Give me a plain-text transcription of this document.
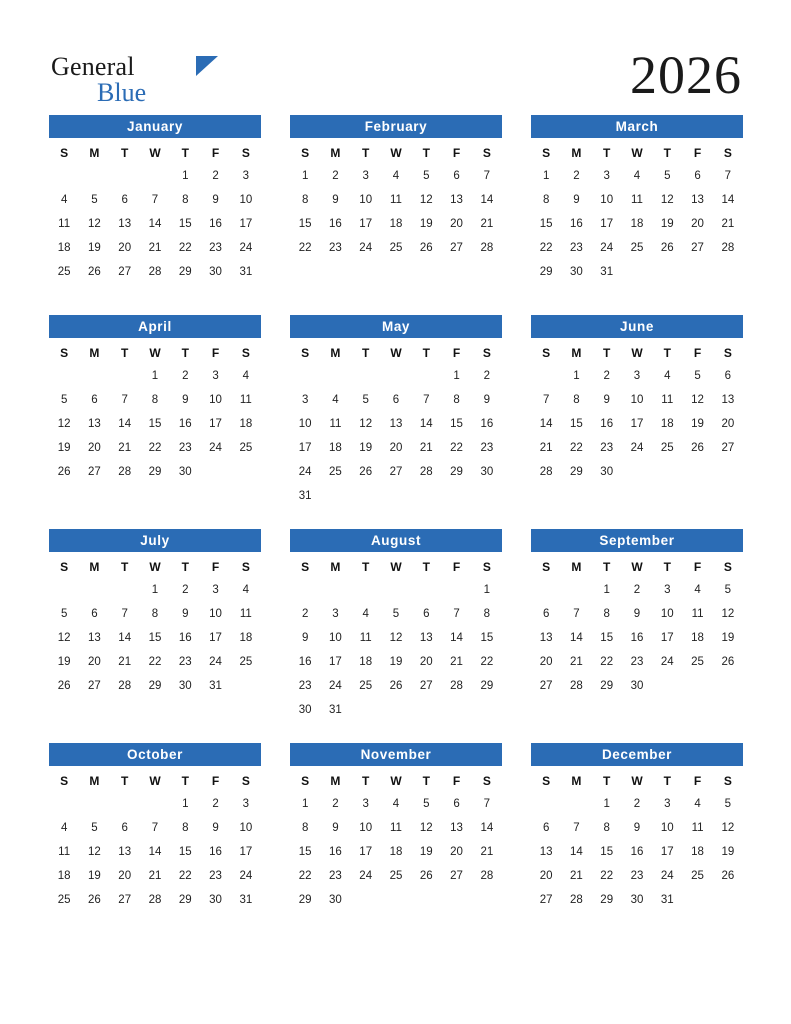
General
Blue	2026
January
S	M	T	W	T	F	S
				1	2	3
4	5	6	7	8	9	10
11	12	13	14	15	16	17
18	19	20	21	22	23	24
25	26	27	28	29	30	31
February
S	M	T	W	T	F	S
1	2	3	4	5	6	7
8	9	10	11	12	13	14
15	16	17	18	19	20	21
22	23	24	25	26	27	28
March
S	M	T	W	T	F	S
1	2	3	4	5	6	7
8	9	10	11	12	13	14
15	16	17	18	19	20	21
22	23	24	25	26	27	28
29	30	31				
April
S	M	T	W	T	F	S
			1	2	3	4
5	6	7	8	9	10	11
12	13	14	15	16	17	18
19	20	21	22	23	24	25
26	27	28	29	30		
May
S	M	T	W	T	F	S
					1	2
3	4	5	6	7	8	9
10	11	12	13	14	15	16
17	18	19	20	21	22	23
24	25	26	27	28	29	30
31						
June
S	M	T	W	T	F	S
	1	2	3	4	5	6
7	8	9	10	11	12	13
14	15	16	17	18	19	20
21	22	23	24	25	26	27
28	29	30				
July
S	M	T	W	T	F	S
			1	2	3	4
5	6	7	8	9	10	11
12	13	14	15	16	17	18
19	20	21	22	23	24	25
26	27	28	29	30	31	
August
S	M	T	W	T	F	S
						1
2	3	4	5	6	7	8
9	10	11	12	13	14	15
16	17	18	19	20	21	22
23	24	25	26	27	28	29
30	31					
September
S	M	T	W	T	F	S
		1	2	3	4	5
6	7	8	9	10	11	12
13	14	15	16	17	18	19
20	21	22	23	24	25	26
27	28	29	30			
October
S	M	T	W	T	F	S
				1	2	3
4	5	6	7	8	9	10
11	12	13	14	15	16	17
18	19	20	21	22	23	24
25	26	27	28	29	30	31
November
S	M	T	W	T	F	S
1	2	3	4	5	6	7
8	9	10	11	12	13	14
15	16	17	18	19	20	21
22	23	24	25	26	27	28
29	30					
December
S	M	T	W	T	F	S
		1	2	3	4	5
6	7	8	9	10	11	12
13	14	15	16	17	18	19
20	21	22	23	24	25	26
27	28	29	30	31		
